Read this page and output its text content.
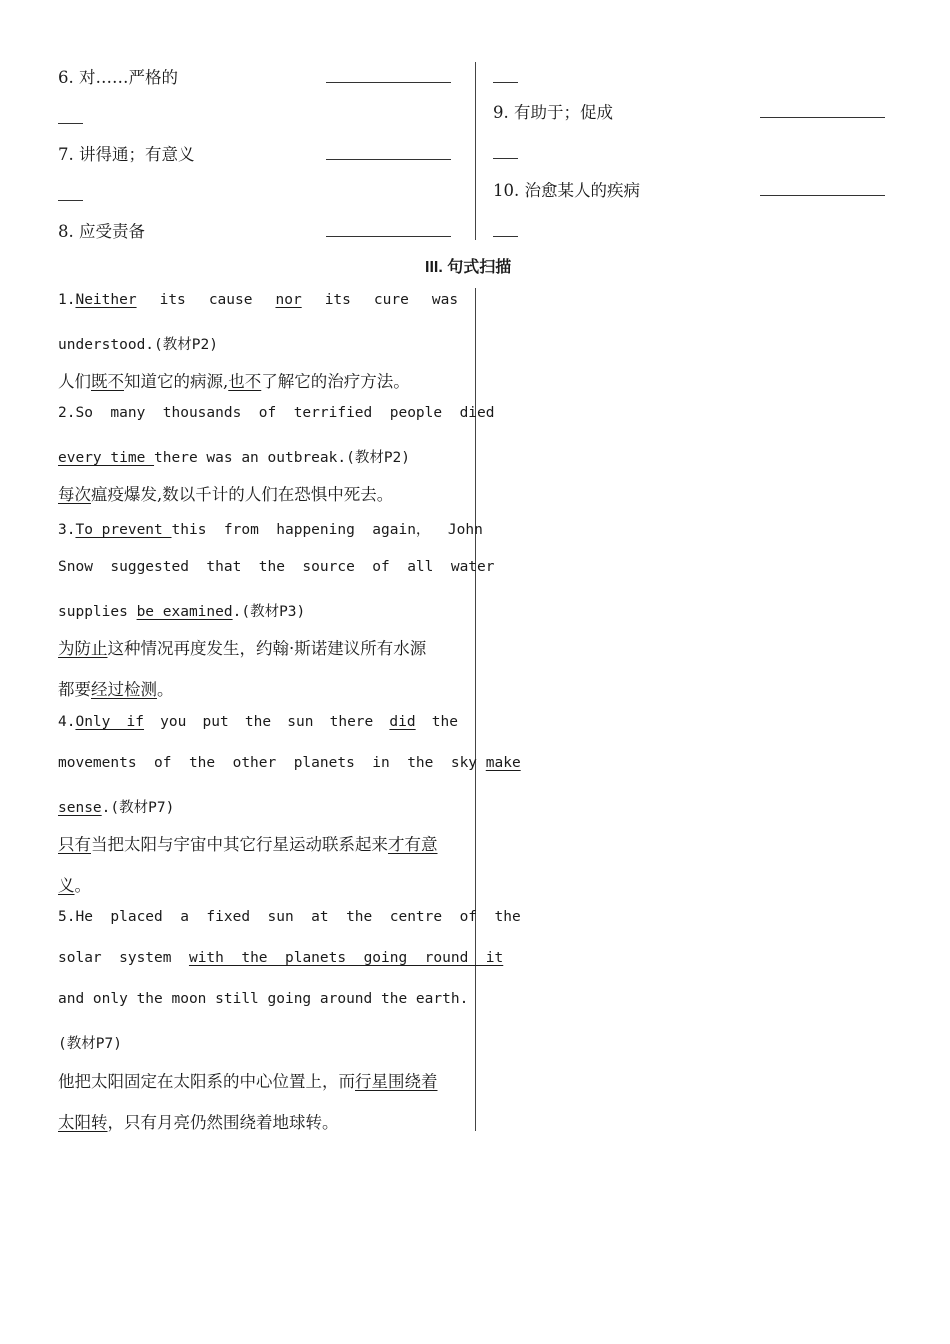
6. 对……严格的
7. 讲得通；有意义
8. 应受责备
9. 有助于；促成
10. 治愈某人的疾病
III. 句式扫描
1.Neither its cause nor its cure was
understood.(教材P2)
人们既不知道它的病源,也不了解它的治疗方法。
2.So  many  thousands  of  terrified  people  died
every time there was an outbreak.(教材P2)
每次瘟疫爆发,数以千计的人们在恐惧中死去。
3.To prevent this  from  happening  again，  John
Snow  suggested  that  the  source  of  all  water
supplies be examined.(教材P3)
为防止这种情况再度发生，约翰·斯诺建议所有水源
都要经过检测。
4.Only if you put the sun there did the
movements  of  the  other  planets  in  the  sky make
sense.(教材P7)
只有当把太阳与宇宙中其它行星运动联系起来才有意
义。
5.He  placed  a  fixed  sun  at  the  centre  of  the
solar  system with  the  planets  going  round  it
and only the moon still going around the earth.
(教材P7)
他把太阳固定在太阳系的中心位置上，而行星围绕着
太阳转，只有月亮仍然围绕着地球转。
